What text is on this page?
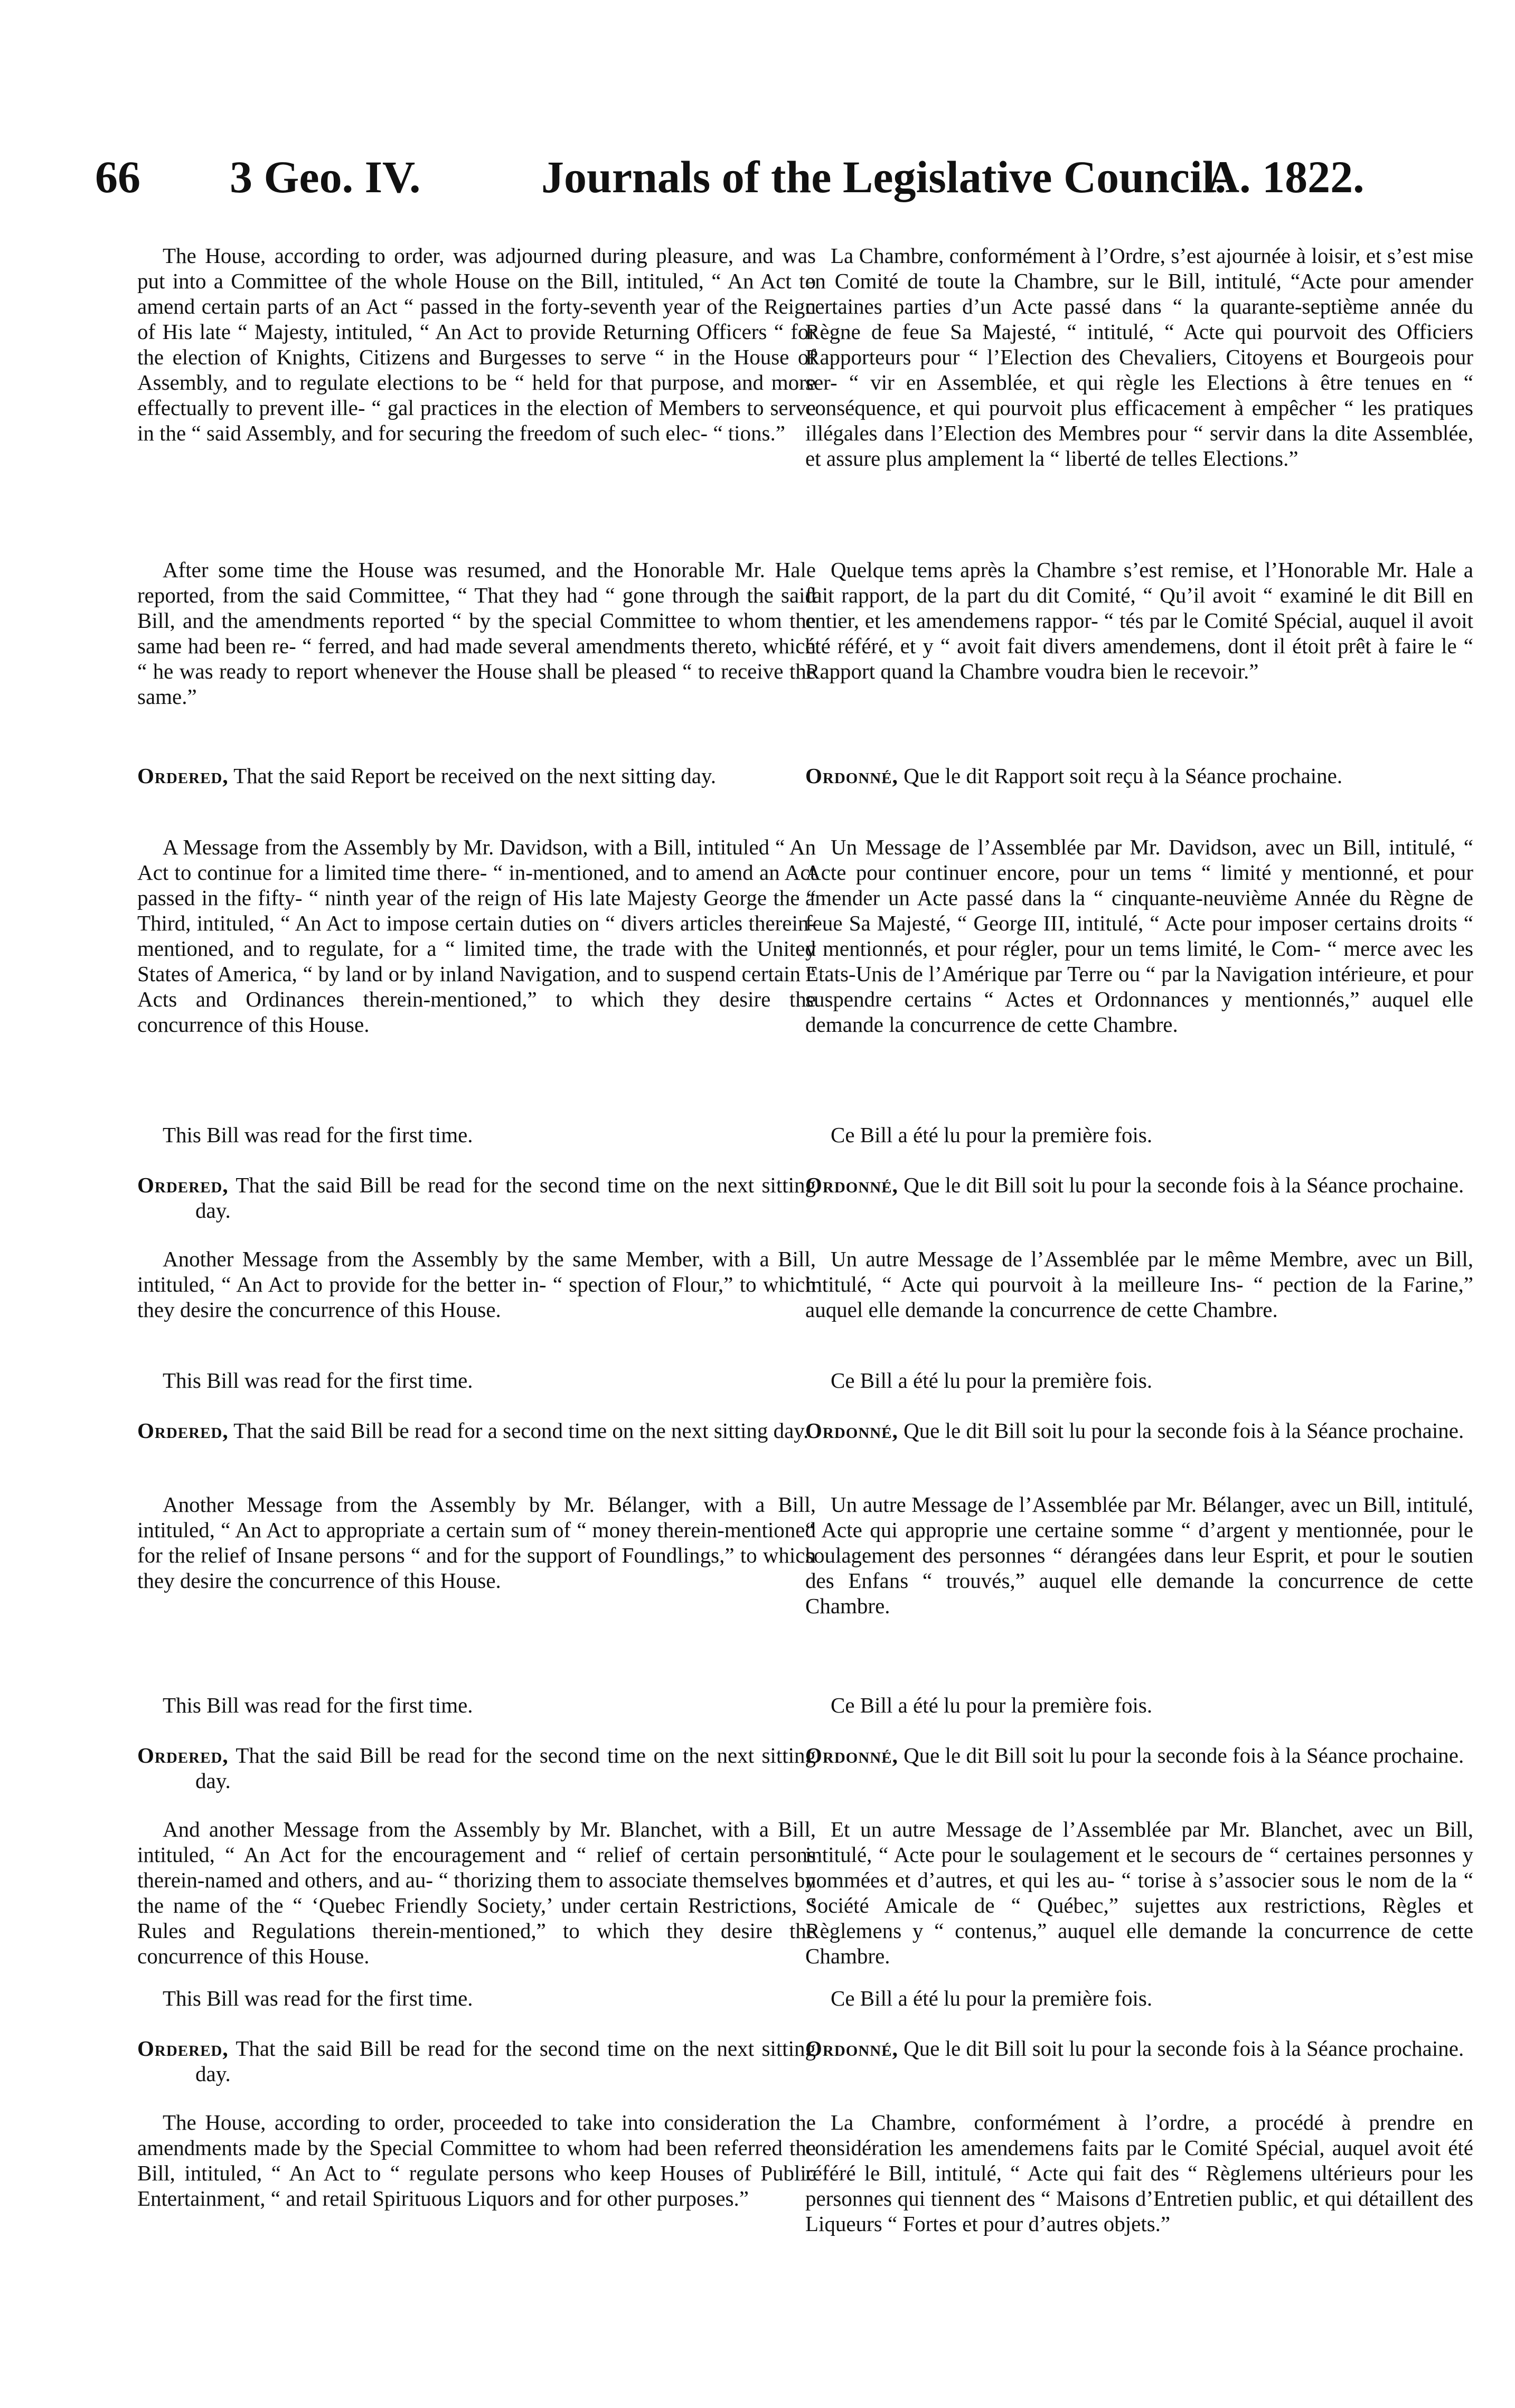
66 3 Geo. IV.	Journals of the Legislative Council.
A. 1822.

The House, according to order, was adjourned during pleasure, and was put into a Committee of the whole House on the Bill, intituled, “ An Act to amend certain parts of an Act “ passed in the forty-seventh year of the Reign of His late “ Majesty, intituled, “ An Act to provide Returning Officers “ for the election of Knights, Citizens and Burgesses to serve “ in the House of Assembly, and to regulate elections to be “ held for that purpose, and more effectually to prevent ille- “ gal practices in the election of Members to serve in the “ said Assembly, and for securing the freedom of such elec- “ tions.”

After some time the House was resumed, and the Honorable Mr. Hale reported, from the said Committee, “ That they had “ gone through the said Bill, and the amendments reported “ by the special Committee to whom the same had been re- “ ferred, and had made several amendments thereto, which “ he was ready to report whenever the House shall be pleased “ to receive the same.”

Ordered, That the said Report be received on the next sitting day.

A Message from the Assembly by Mr. Davidson, with a Bill, intituled “ An Act to continue for a limited time there- “ in-mentioned, and to amend an Act passed in the fifty- “ ninth year of the reign of His late Majesty George the “ Third, intituled, “ An Act to impose certain duties on “ divers articles therein-mentioned, and to regulate, for a “ limited time, the trade with the United States of America, “ by land or by inland Navigation, and to suspend certain “ Acts and Ordinances therein-mentioned,” to which they desire the concurrence of this House.

This Bill was read for the first time.

Ordered, That the said Bill be read for the second time on the next sitting day.

Another Message from the Assembly by the same Member, with a Bill, intituled, “ An Act to provide for the better in- “ spection of Flour,” to which they desire the concurrence of this House.

This Bill was read for the first time.

Ordered, That the said Bill be read for a second time on the next sitting day.

Another Message from the Assembly by Mr. Bélanger, with a Bill, intituled, “ An Act to appropriate a certain sum of “ money therein-mentioned for the relief of Insane persons “ and for the support of Foundlings,” to which they desire the concurrence of this House.

This Bill was read for the first time.

Ordered, That the said Bill be read for the second time on the next sitting day.

And another Message from the Assembly by Mr. Blanchet, with a Bill, intituled, “ An Act for the encouragement and “ relief of certain persons therein-named and others, and au- “ thorizing them to associate themselves by the name of the “ ‘Quebec Friendly Society,’ under certain Restrictions, “ Rules and Regulations therein-mentioned,” to which they desire the concurrence of this House.

This Bill was read for the first time.

Ordered, That the said Bill be read for the second time on the next sitting day.

The House, according to order, proceeded to take into consideration the amendments made by the Special Committee to whom had been referred the Bill, intituled, “ An Act to “ regulate persons who keep Houses of Public Entertainment, “ and retail Spirituous Liquors and for other purposes.”

La Chambre, conformément à l’Ordre, s’est ajournée à loisir, et s’est mise en Comité de toute la Chambre, sur le Bill, intitulé, “Acte pour amender certaines parties d’un Acte passé dans “ la quarante-septième année du Règne de feue Sa Majesté, “ intitulé, “ Acte qui pourvoit des Officiers Rapporteurs pour “ l’Election des Chevaliers, Citoyens et Bourgeois pour ser- “ vir en Assemblée, et qui règle les Elections à être tenues en “ conséquence, et qui pourvoit plus efficacement à empêcher “ les pratiques illégales dans l’Election des Membres pour “ servir dans la dite Assemblée, et assure plus amplement la “ liberté de telles Elections.”

Quelque tems après la Chambre s’est remise, et l’Honorable Mr. Hale a fait rapport, de la part du dit Comité, “ Qu’il avoit “ examiné le dit Bill en entier, et les amendemens rappor- “ tés par le Comité Spécial, auquel il avoit été référé, et y “ avoit fait divers amendemens, dont il étoit prêt à faire le “ Rapport quand la Chambre voudra bien le recevoir.”

Ordonné, Que le dit Rapport soit reçu à la Séance prochaine.

Un Message de l’Assemblée par Mr. Davidson, avec un Bill, intitulé, “ Acte pour continuer encore, pour un tems “ limité y mentionné, et pour amender un Acte passé dans la “ cinquante-neuvième Année du Règne de feue Sa Majesté, “ George III, intitulé, “ Acte pour imposer certains droits “ y mentionnés, et pour régler, pour un tems limité, le Com- “ merce avec les Etats-Unis de l’Amérique par Terre ou “ par la Navigation intérieure, et pour suspendre certains “ Actes et Ordonnances y mentionnés,” auquel elle demande la concurrence de cette Chambre.

Ce Bill a été lu pour la première fois.

Ordonné, Que le dit Bill soit lu pour la seconde fois à la Séance prochaine.

Un autre Message de l’Assemblée par le même Membre, avec un Bill, intitulé, “ Acte qui pourvoit à la meilleure Ins- “ pection de la Farine,” auquel elle demande la concurrence de cette Chambre.

Ce Bill a été lu pour la première fois.

Ordonné, Que le dit Bill soit lu pour la seconde fois à la Séance prochaine.

Un autre Message de l’Assemblée par Mr. Bélanger, avec un Bill, intitulé, “ Acte qui approprie une certaine somme “ d’argent y mentionnée, pour le soulagement des personnes “ dérangées dans leur Esprit, et pour le soutien des Enfans “ trouvés,” auquel elle demande la concurrence de cette Chambre.

Ce Bill a été lu pour la première fois.

Ordonné, Que le dit Bill soit lu pour la seconde fois à la Séance prochaine.

Et un autre Message de l’Assemblée par Mr. Blanchet, avec un Bill, intitulé, “ Acte pour le soulagement et le secours de “ certaines personnes y nommées et d’autres, et qui les au- “ torise à s’associer sous le nom de la “ Société Amicale de “ Québec,” sujettes aux restrictions, Règles et Règlemens y “ contenus,” auquel elle demande la concurrence de cette Chambre.

Ce Bill a été lu pour la première fois.

Ordonné, Que le dit Bill soit lu pour la seconde fois à la Séance prochaine.

La Chambre, conformément à l’ordre, a procédé à prendre en considération les amendemens faits par le Comité Spécial, auquel avoit été référé le Bill, intitulé, “ Acte qui fait des “ Règlemens ultérieurs pour les personnes qui tiennent des “ Maisons d’Entretien public, et qui détaillent des Liqueurs “ Fortes et pour d’autres objets.”
